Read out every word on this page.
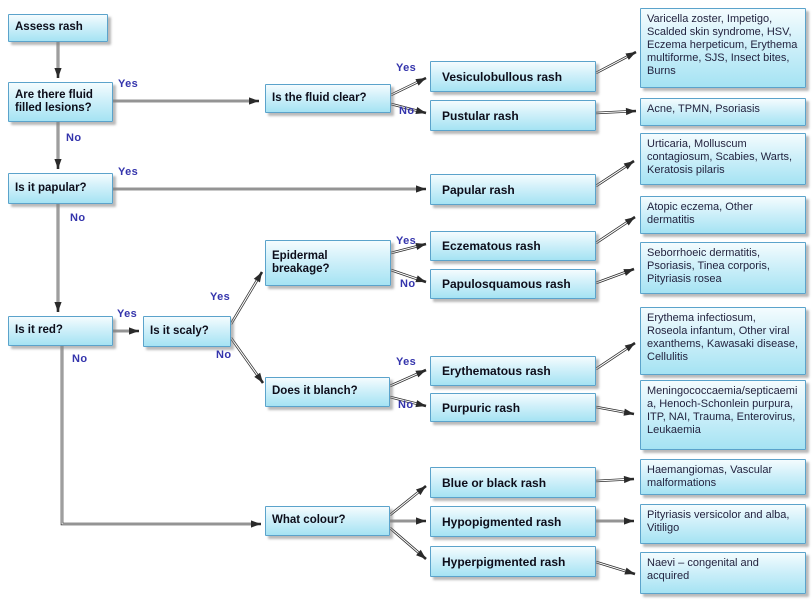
Assess rash
Are there fluid filled lesions?
Is it papular?
Is it red?
Is the fluid clear?
Epidermal breakage?
Is it scaly?
Does it blanch?
What colour?
Vesiculobullous rash
Pustular rash
Papular rash
Eczematous rash
Papulosquamous rash
Erythematous rash
Purpuric rash
Blue or black rash
Hypopigmented rash
Hyperpigmented rash
Varicella zoster, Impetigo, Scalded skin syndrome, HSV, Eczema herpeticum, Erythema multiforme, SJS, Insect bites, Burns
Acne, TPMN, Psoriasis
Urticaria, Molluscum contagiosum, Scabies, Warts, Keratosis pilaris
Atopic eczema, Other dermatitis
Seborrhoeic dermatitis, Psoriasis, Tinea corporis, Pityriasis rosea
Erythema infectiosum, Roseola infantum, Other viral exanthems, Kawasaki disease, Cellulitis
Meningococcaemia/septicaemia, Henoch-Schonlein purpura, ITP, NAI, Trauma, Enterovirus, Leukaemia
Haemangiomas, Vascular malformations
Pityriasis versicolor and alba, Vitiligo
Naevi – congenital and acquired
Yes
No
Yes
No
Yes
No
Yes
No
Yes
No
Yes
No
Yes
No
